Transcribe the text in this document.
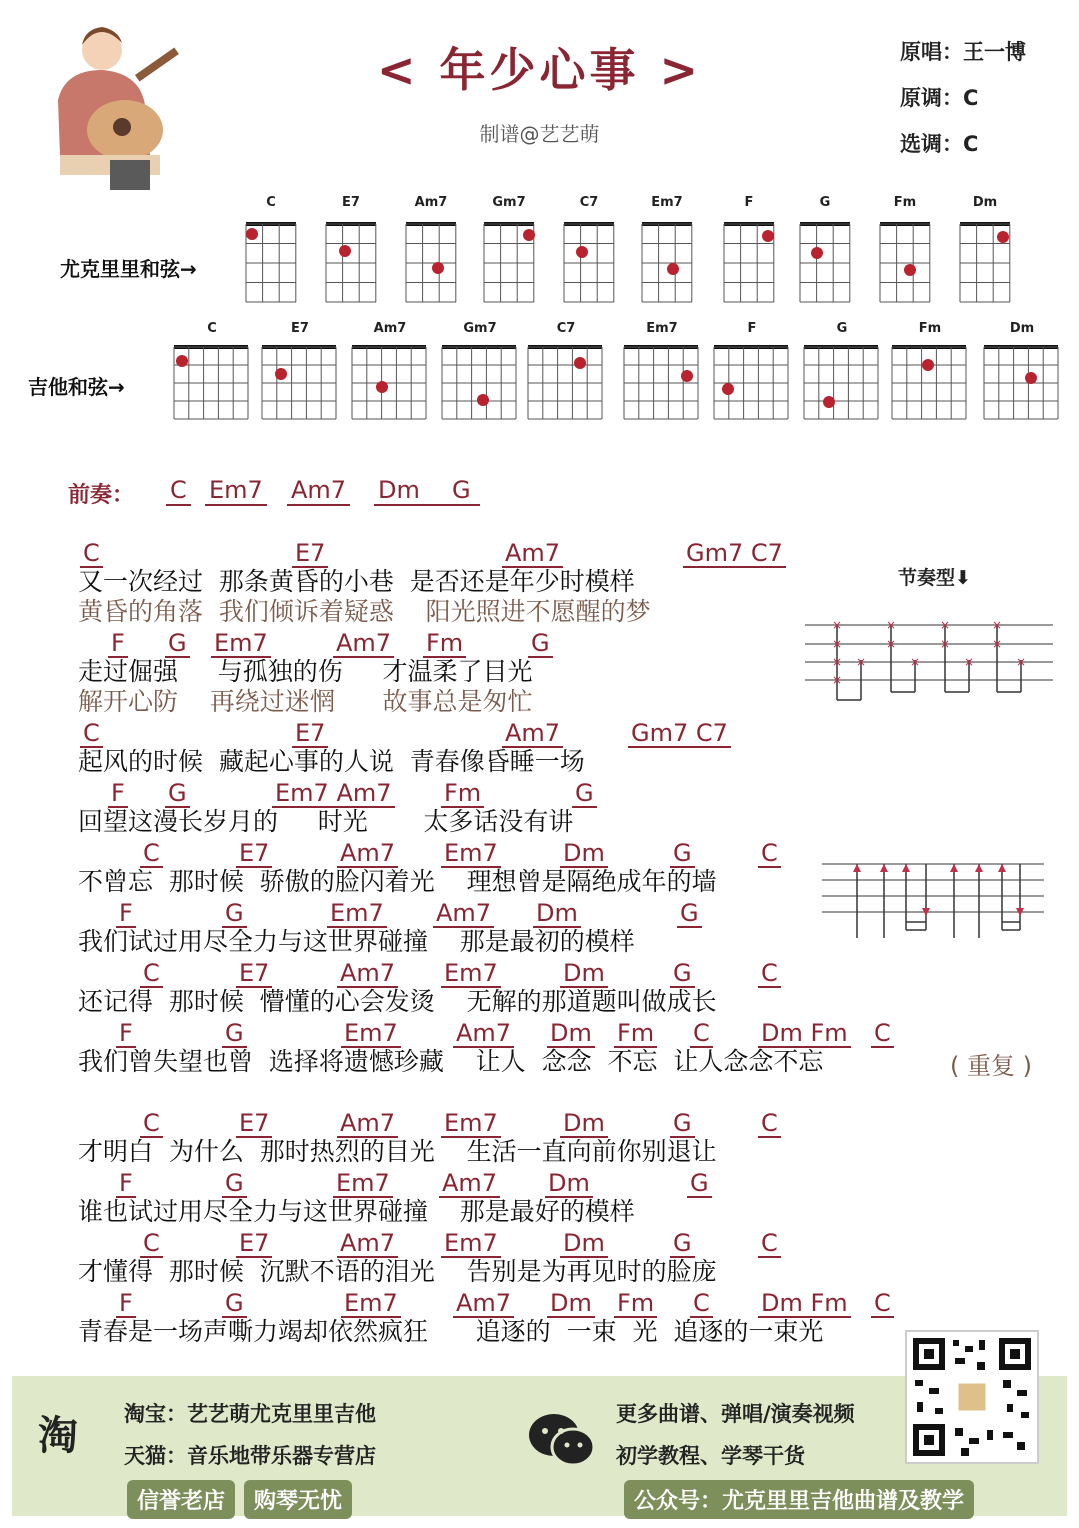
< 年少心事 >
制谱@艺艺萌
原唱：王一博
原调：C
选调：C
尤克里里和弦→
吉他和弦→
C	E7	Am7	Gm7	C7	Em7	F	G	Fm	Dm
C	E7	Am7	Gm7	C7	Em7	F	G	Fm	Dm
前奏： C Em7 Am7 Dm	G
C	E7	Am7	Gm7 C7
又一次经过  那条黄昏的小巷  是否还是年少时模样
黄昏的角落  我们倾诉着疑惑    阳光照进不愿醒的梦
F G Em7	Am7 Fm	G
走过倔强     与孤独的伤     才温柔了目光
解开心防    再绕过迷惘      故事总是匆忙
C	E7	Am7	Gm7 C7
起风的时候  藏起心事的人说  青春像昏睡一场
F G	Em7 Am7 Fm	G
回望这漫长岁月的     时光       太多话没有讲
C	E7	Am7 Em7	Dm	G	C
不曾忘  那时候  骄傲的脸闪着光    理想曾是隔绝成年的墙
F	G	Em7 Am7 Dm	G
我们试过用尽全力与这世界碰撞    那是最初的模样
C	E7	Am7 Em7	Dm	G	C
还记得  那时候  懵懂的心会发烫    无解的那道题叫做成长
F	G	Em7 Am7 Dm Fm C Dm Fm C
我们曾失望也曾  选择将遗憾珍藏    让人  念念  不忘  让人念念不忘
C	E7	Am7 Em7	Dm	G	C
才明白  为什么  那时热烈的目光    生活一直向前你别退让
F	G	Em7 Am7 Dm	G
谁也试过用尽全力与这世界碰撞    那是最好的模样
C	E7	Am7 Em7	Dm	G	C
才懂得  那时候  沉默不语的泪光    告别是为再见时的脸庞
F	G	Em7 Am7 Dm Fm C Dm Fm C
青春是一场声嘶力竭却依然疯狂      追逐的  一束  光  追逐的一束光
节奏型⬇
×
×
×
×
×
×
×
×
×
×
×
×
×
×
( 重复 )
淘 淘宝：艺艺萌尤克里里吉他
天猫：音乐地带乐器专营店
信誉老店	购琴无忧
更多曲谱、弹唱/演奏视频
初学教程、学琴干货
公众号：尤克里里吉他曲谱及教学
